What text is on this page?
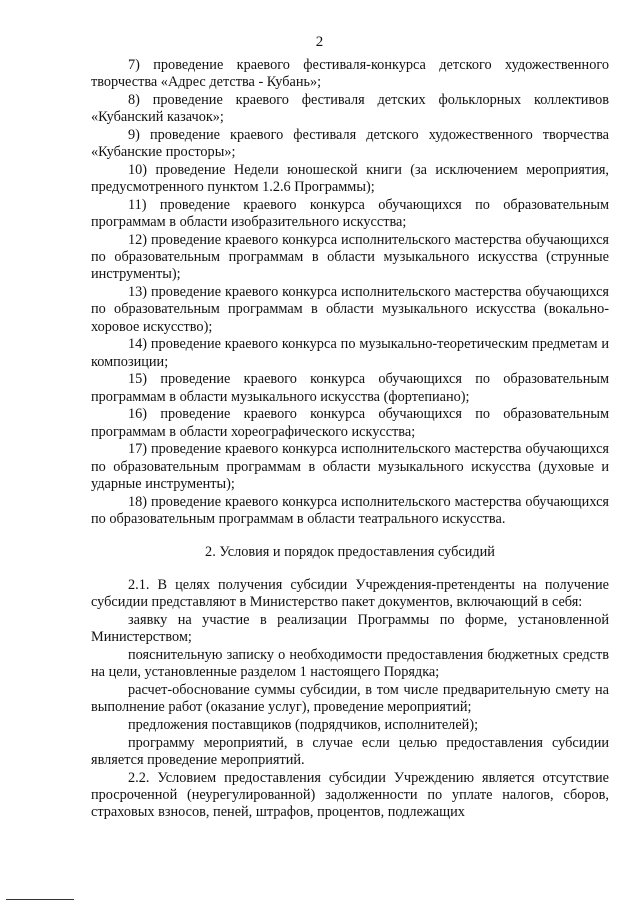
2

7) проведение краевого фестиваля-конкурса детского художественного творчества «Адрес детства - Кубань»;

8) проведение краевого фестиваля детских фольклорных коллективов «Кубанский казачок»;

9) проведение краевого фестиваля детского художественного творчества «Кубанские просторы»;

10) проведение Недели юношеской книги (за исключением мероприятия, предусмотренного пунктом 1.2.6 Программы);

11) проведение краевого конкурса обучающихся по образовательным программам в области изобразительного искусства;

12) проведение краевого конкурса исполнительского мастерства обучающихся по образовательным программам в области музыкального искусства (струнные инструменты);

13) проведение краевого конкурса исполнительского мастерства обучающихся по образовательным программам в области музыкального искусства (вокально-хоровое искусство);

14) проведение краевого конкурса по музыкально-теоретическим предметам и композиции;

15) проведение краевого конкурса обучающихся по образовательным программам в области музыкального искусства (фортепиано);

16) проведение краевого конкурса обучающихся по образовательным программам в области хореографического искусства;

17) проведение краевого конкурса исполнительского мастерства обучающихся по образовательным программам в области музыкального искусства (духовые и ударные инструменты);

18) проведение краевого конкурса исполнительского мастерства обучающихся по образовательным программам в области театрального искусства.

2. Условия и порядок предоставления субсидий

2.1. В целях получения субсидии Учреждения-претенденты на получение субсидии представляют в Министерство пакет документов, включающий в себя:

заявку на участие в реализации Программы по форме, установленной Министерством;

пояснительную записку о необходимости предоставления бюджетных средств на цели, установленные разделом 1 настоящего Порядка;

расчет-обоснование суммы субсидии, в том числе предварительную смету на выполнение работ (оказание услуг), проведение мероприятий;

предложения поставщиков (подрядчиков, исполнителей);

программу мероприятий, в случае если целью предоставления субсидии является проведение мероприятий.

2.2. Условием предоставления субсидии Учреждению является отсутствие просроченной (неурегулированной) задолженности по уплате налогов, сборов, страховых взносов, пеней, штрафов, процентов, подлежащих
